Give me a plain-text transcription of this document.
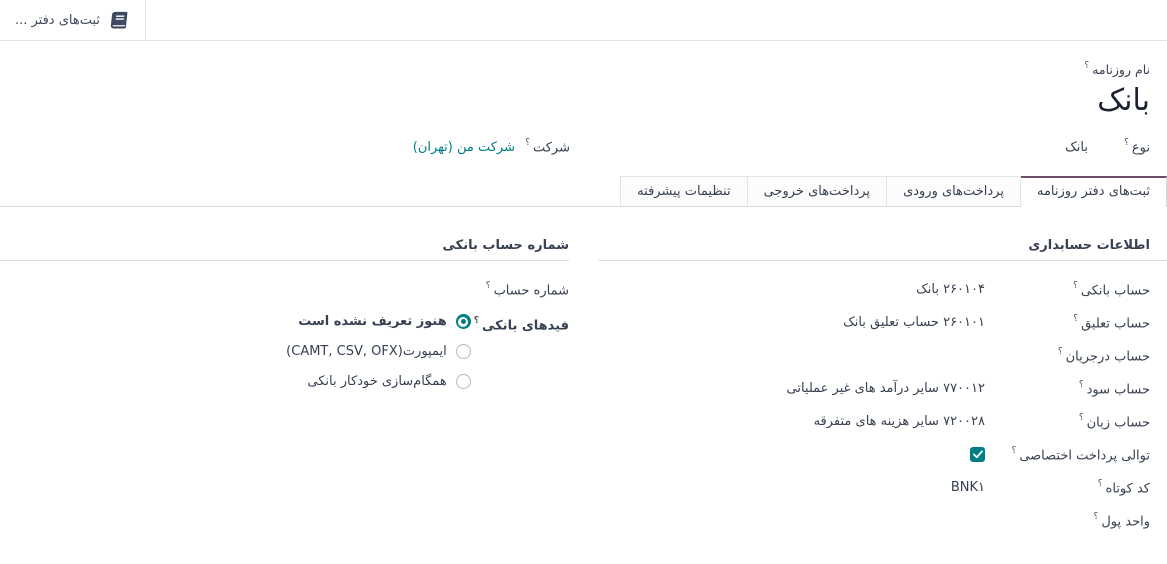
ثبت‌های دفتر ...
نام روزنامه؟
بانک
نوع؟
بانک
شرکت؟
شرکت من (تهران)
ثبت‌های دفتر روزنامه
پرداخت‌های ورودی
پرداخت‌های خروجی
تنظیمات پیشرفته
اطلاعات حسابداری
حساب بانکی؟
۲۶۰۱۰۴ بانک
حساب تعلیق؟
۲۶۰۱۰۱ حساب تعلیق بانک
حساب درجریان؟
حساب سود؟
۷۷۰۰۱۲ سایر درآمد های غیر عملیاتی
حساب زیان؟
۷۲۰۰۲۸ سایر هزینه های متفرقه
توالی پرداخت اختصاصی؟
کد کوتاه؟
BNK۱
واحد پول؟
شماره حساب بانکی
شماره حساب؟
فیدهای بانکی؟
هنوز تعریف نشده است
ایمپورت(CAMT, CSV, OFX)
همگام‌سازی خودکار بانکی
